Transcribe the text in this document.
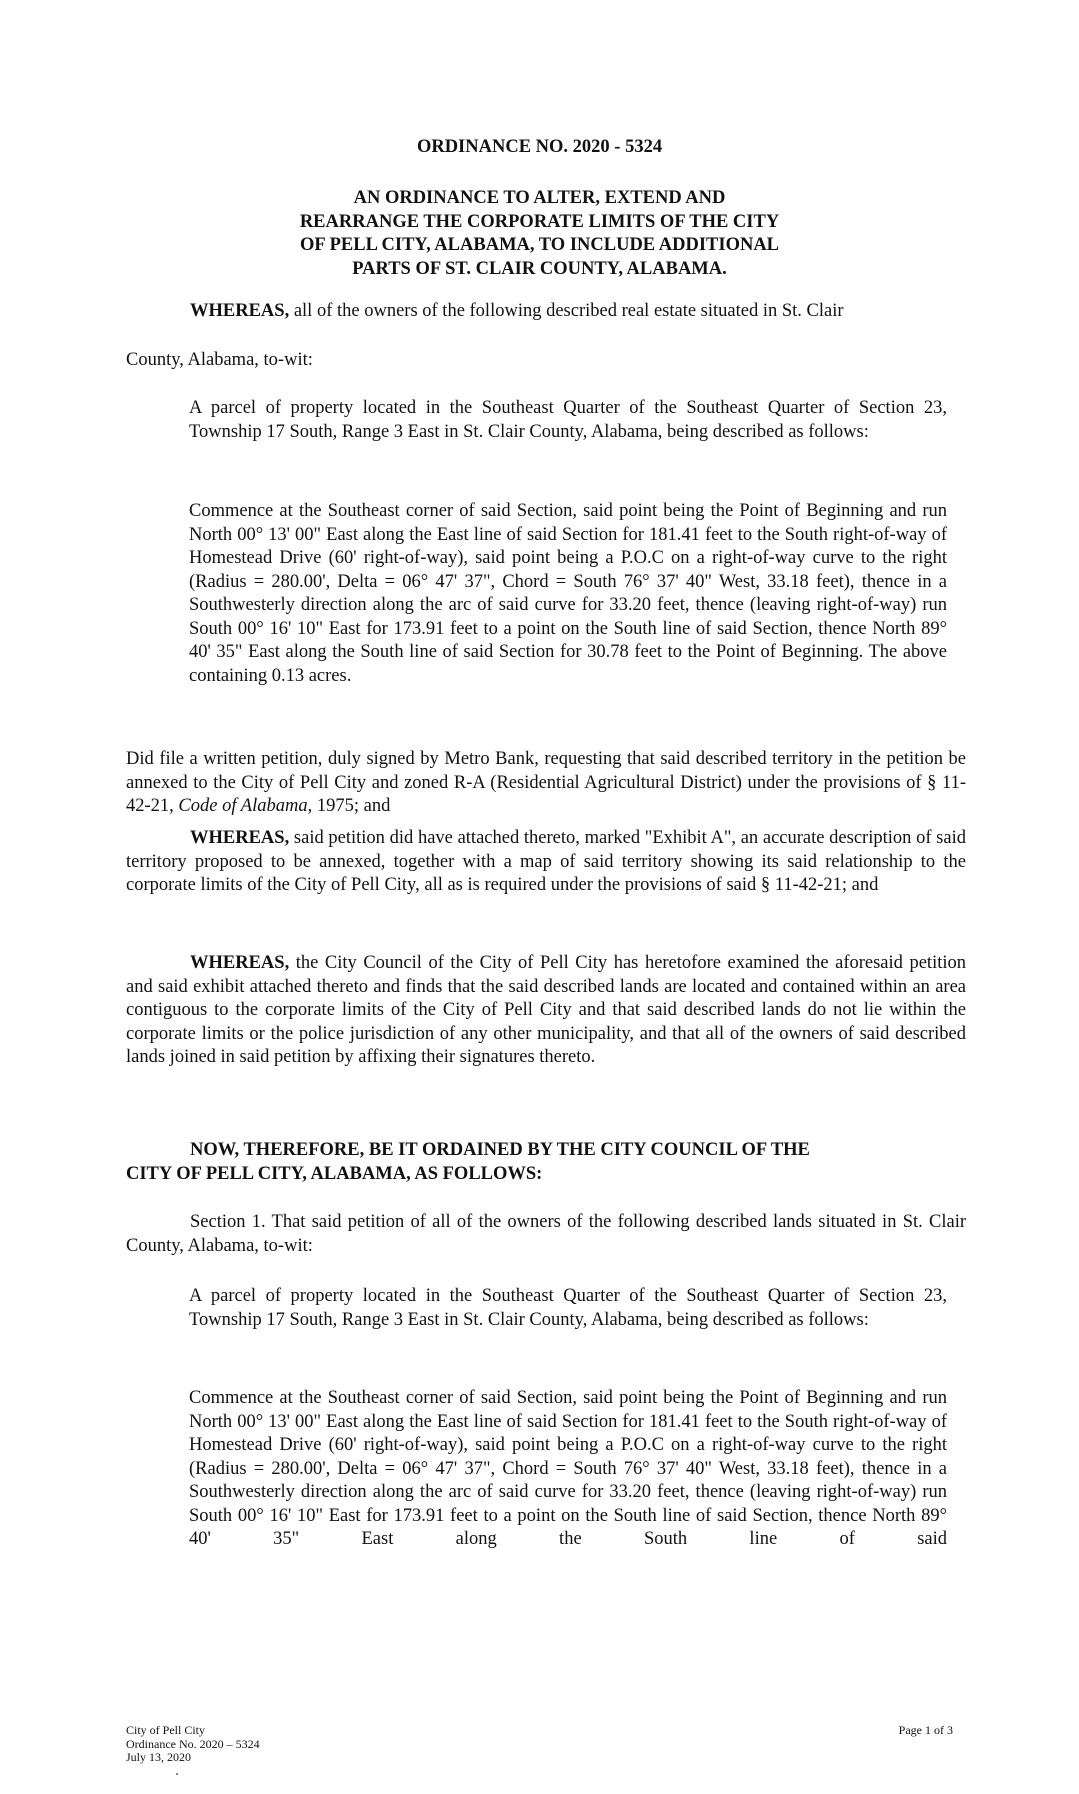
ORDINANCE NO. 2020 - 5324
AN ORDINANCE TO ALTER, EXTEND AND
REARRANGE THE CORPORATE LIMITS OF THE CITY
OF PELL CITY, ALABAMA, TO INCLUDE ADDITIONAL
PARTS OF ST. CLAIR COUNTY, ALABAMA.
WHEREAS, all of the owners of the following described real estate situated in St. Clair
County, Alabama, to-wit:
A parcel of property located in the Southeast Quarter of the Southeast Quarter of Section 23, Township 17 South, Range 3 East in St. Clair County, Alabama, being described as follows:
Commence at the Southeast corner of said Section, said point being the Point of Beginning and run North 00° 13' 00" East along the East line of said Section for 181.41 feet to the South right-of-way of Homestead Drive (60' right-of-way), said point being a P.O.C on a right-of-way curve to the right (Radius = 280.00', Delta = 06° 47' 37", Chord = South 76° 37' 40" West, 33.18 feet), thence in a Southwesterly direction along the arc of said curve for 33.20 feet, thence (leaving right-of-way) run South 00° 16' 10" East for 173.91 feet to a point on the South line of said Section, thence North 89° 40' 35" East along the South line of said Section for 30.78 feet to the Point of Beginning. The above containing 0.13 acres.
Did file a written petition, duly signed by Metro Bank, requesting that said described territory in the petition be annexed to the City of Pell City and zoned R-A (Residential Agricultural District) under the provisions of § 11-42-21, Code of Alabama, 1975; and
WHEREAS, said petition did have attached thereto, marked "Exhibit A", an accurate description of said territory proposed to be annexed, together with a map of said territory showing its said relationship to the corporate limits of the City of Pell City, all as is required under the provisions of said § 11-42-21; and
WHEREAS, the City Council of the City of Pell City has heretofore examined the aforesaid petition and said exhibit attached thereto and finds that the said described lands are located and contained within an area contiguous to the corporate limits of the City of Pell City and that said described lands do not lie within the corporate limits or the police jurisdiction of any other municipality, and that all of the owners of said described lands joined in said petition by affixing their signatures thereto.
NOW, THEREFORE, BE IT ORDAINED BY THE CITY COUNCIL OF THE
CITY OF PELL CITY, ALABAMA, AS FOLLOWS:
Section 1. That said petition of all of the owners of the following described lands situated in St. Clair County, Alabama, to-wit:
A parcel of property located in the Southeast Quarter of the Southeast Quarter of Section 23, Township 17 South, Range 3 East in St. Clair County, Alabama, being described as follows:
Commence at the Southeast corner of said Section, said point being the Point of Beginning and run North 00° 13' 00" East along the East line of said Section for 181.41 feet to the South right-of-way of Homestead Drive (60' right-of-way), said point being a P.O.C on a right-of-way curve to the right (Radius = 280.00', Delta = 06° 47' 37", Chord = South 76° 37' 40" West, 33.18 feet), thence in a Southwesterly direction along the arc of said curve for 33.20 feet, thence (leaving right-of-way) run South 00° 16' 10" East for 173.91 feet to a point on the South line of said Section, thence North 89° 40' 35" East along the South line of said
City of Pell City
Ordinance No. 2020 – 5324
July 13, 2020
Page 1 of 3
